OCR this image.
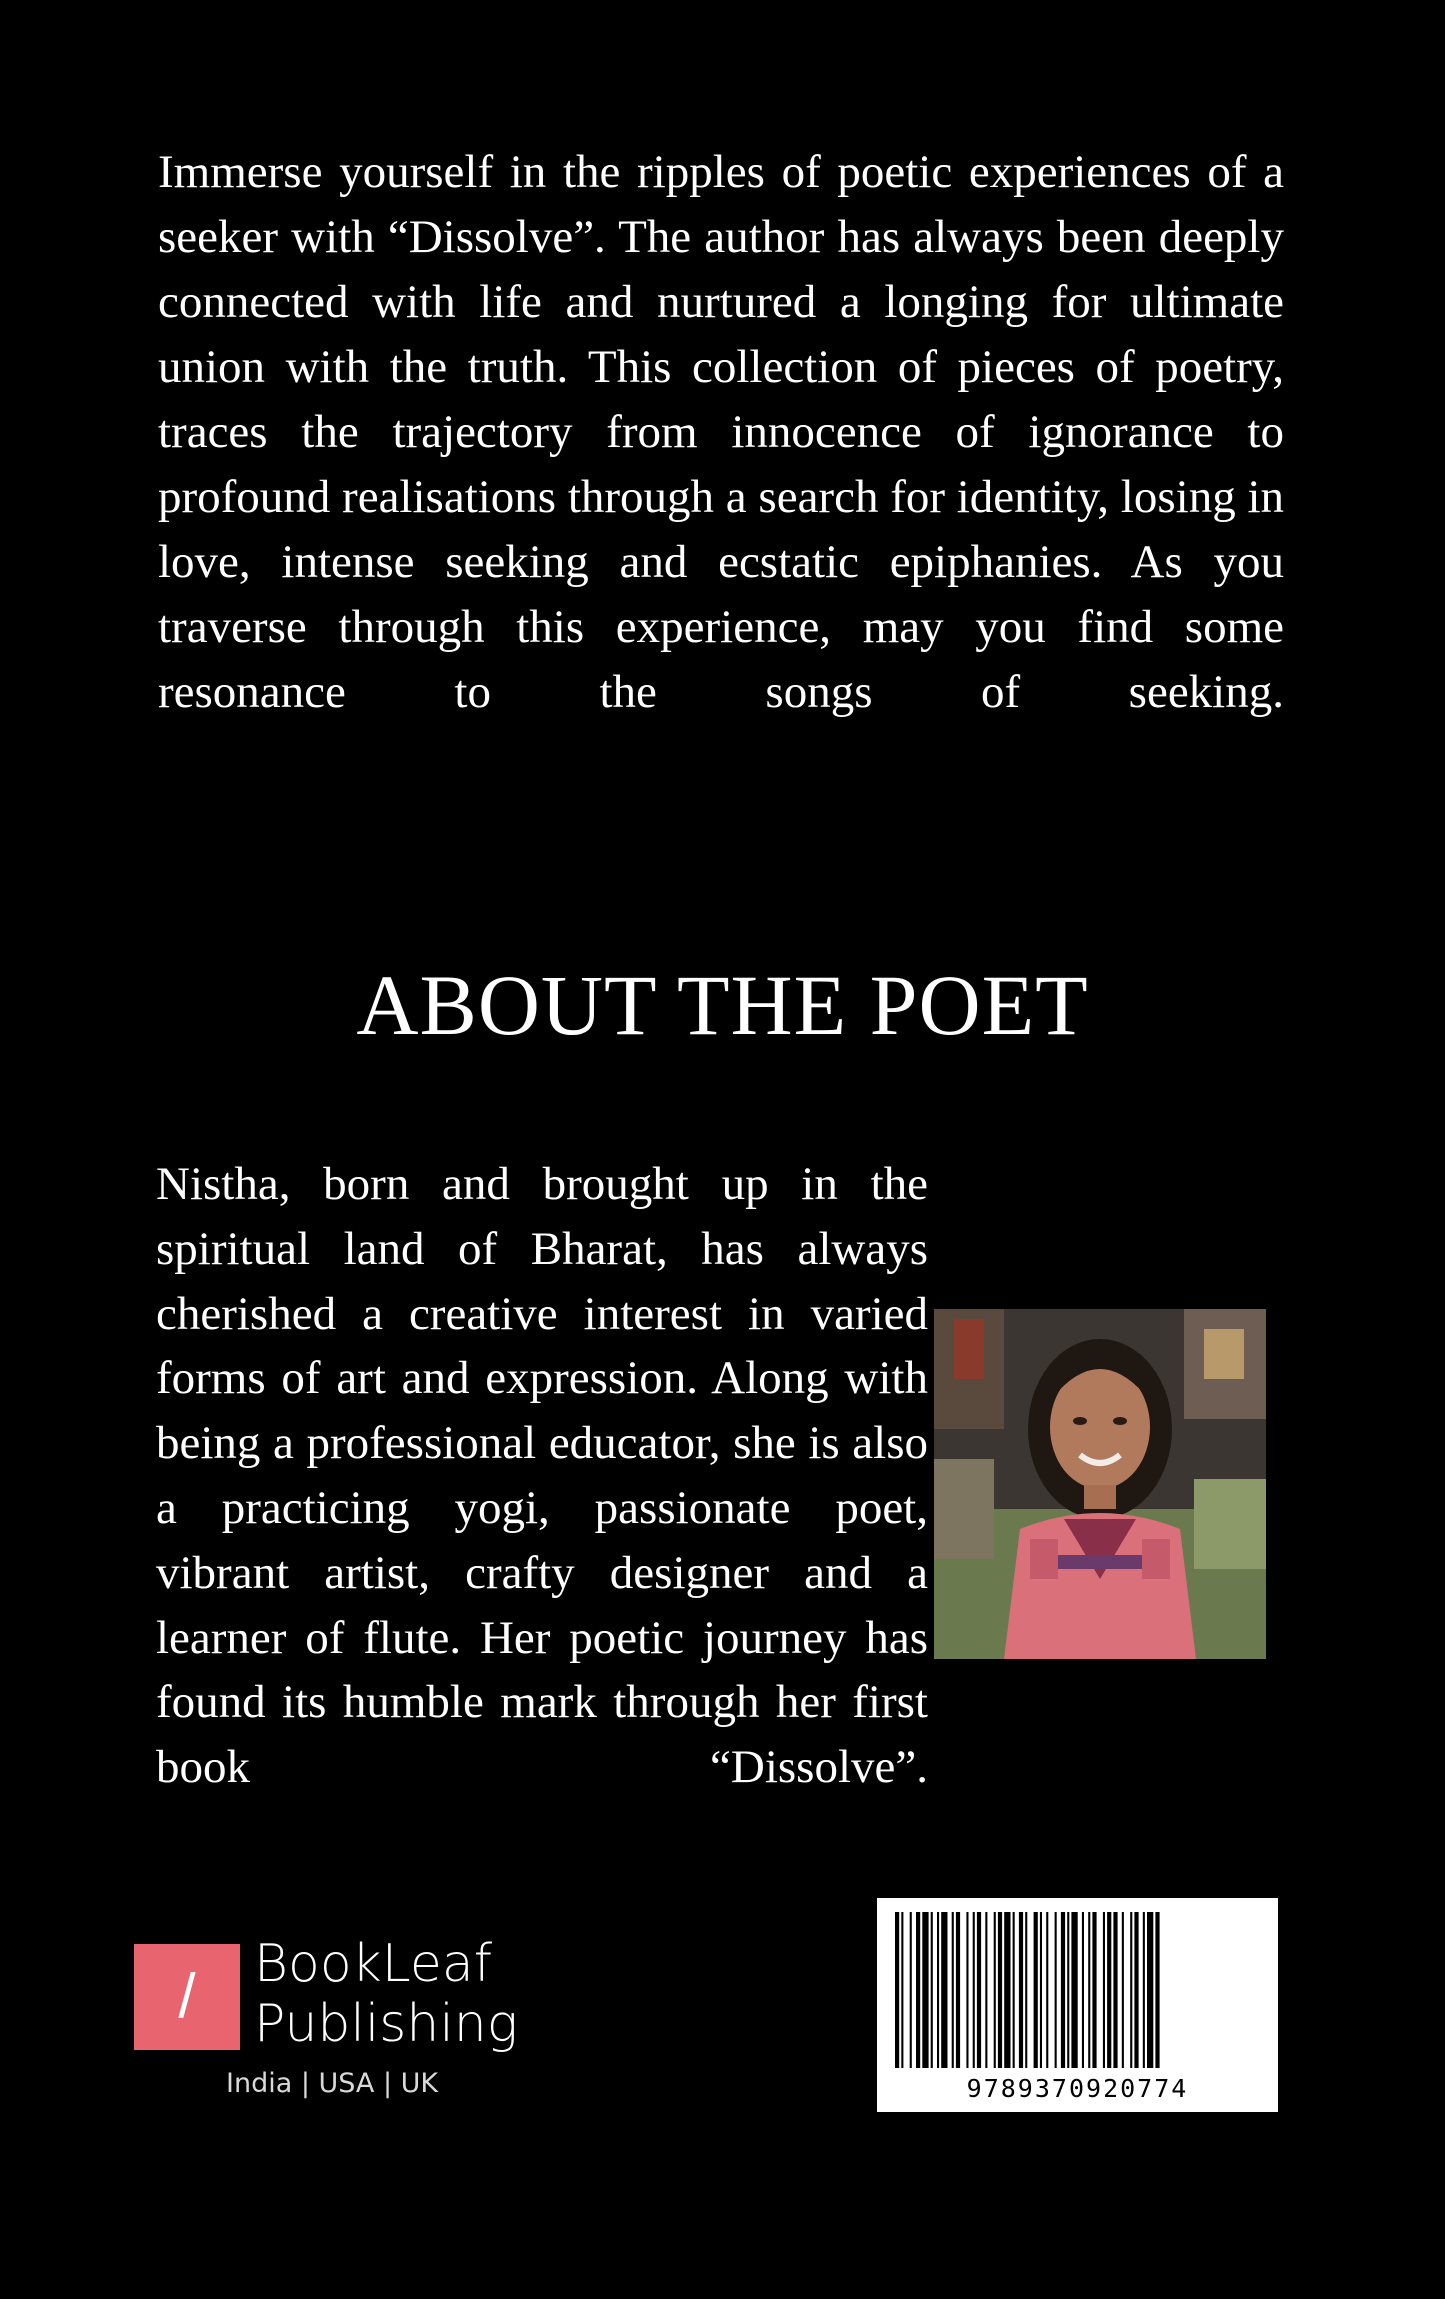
Immerse yourself in the ripples of poetic experiences of a seeker with “Dissolve”. The author has always been deeply connected with life and nurtured a longing for ultimate union with the truth. This collection of pieces of poetry, traces the trajectory from innocence of ignorance to profound realisations through a search for identity, losing in love, intense seeking and ecstatic epiphanies. As you traverse through this experience, may you find some resonance to the songs of seeking.

ABOUT THE POET

Nistha, born and brought up in the spiritual land of Bharat, has always cherished a creative interest in varied forms of art and expression. Along with being a professional educator, she is also a practicing yogi, passionate poet, vibrant artist, crafty designer and a learner of flute. Her poetic journey has found its humble mark through her first book “Dissolve”.

/	BookLeaf
Publishing
India | USA | UK	9789370920774
